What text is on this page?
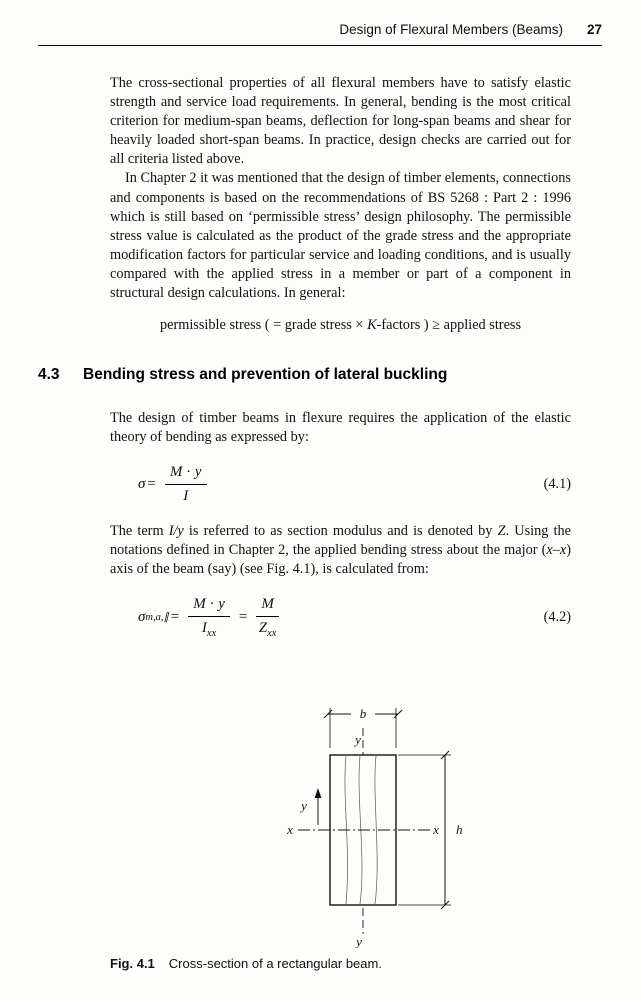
Design of Flexural Members (Beams) 27

The cross-sectional properties of all flexural members have to satisfy elastic strength and service load requirements. In general, bending is the most critical criterion for medium-span beams, deflection for long-span beams and shear for heavily loaded short-span beams. In practice, design checks are carried out for all criteria listed above.

In Chapter 2 it was mentioned that the design of timber elements, connections and components is based on the recommendations of BS 5268 : Part 2 : 1996 which is still based on ‘permissible stress’ design philosophy. The permissible stress value is calculated as the product of the grade stress and the appropriate modification factors for particular service and loading conditions, and is usually compared with the applied stress in a member or part of a component in structural design calculations. In general:

permissible stress ( = grade stress × K-factors ) ≥ applied stress
4.3	Bending stress and prevention of lateral buckling

The design of timber beams in flexure requires the application of the elastic theory of bending as expressed by:

$\sigma = \frac{M \cdot y}{I}$	(4.1)

The term I/y is referred to as section modulus and is denoted by Z. Using the notations defined in Chapter 2, the applied bending stress about the major (x–x) axis of the beam (say) (see Fig. 4.1), is calculated from:

σ m,a,∥ = $\frac{M \cdot y}{I_{xx}} = \frac{M}{Z_{xx}}$	(4.2)
b
y
y
x	x
y
h
Fig. 4.1 Cross-section of a rectangular beam.
